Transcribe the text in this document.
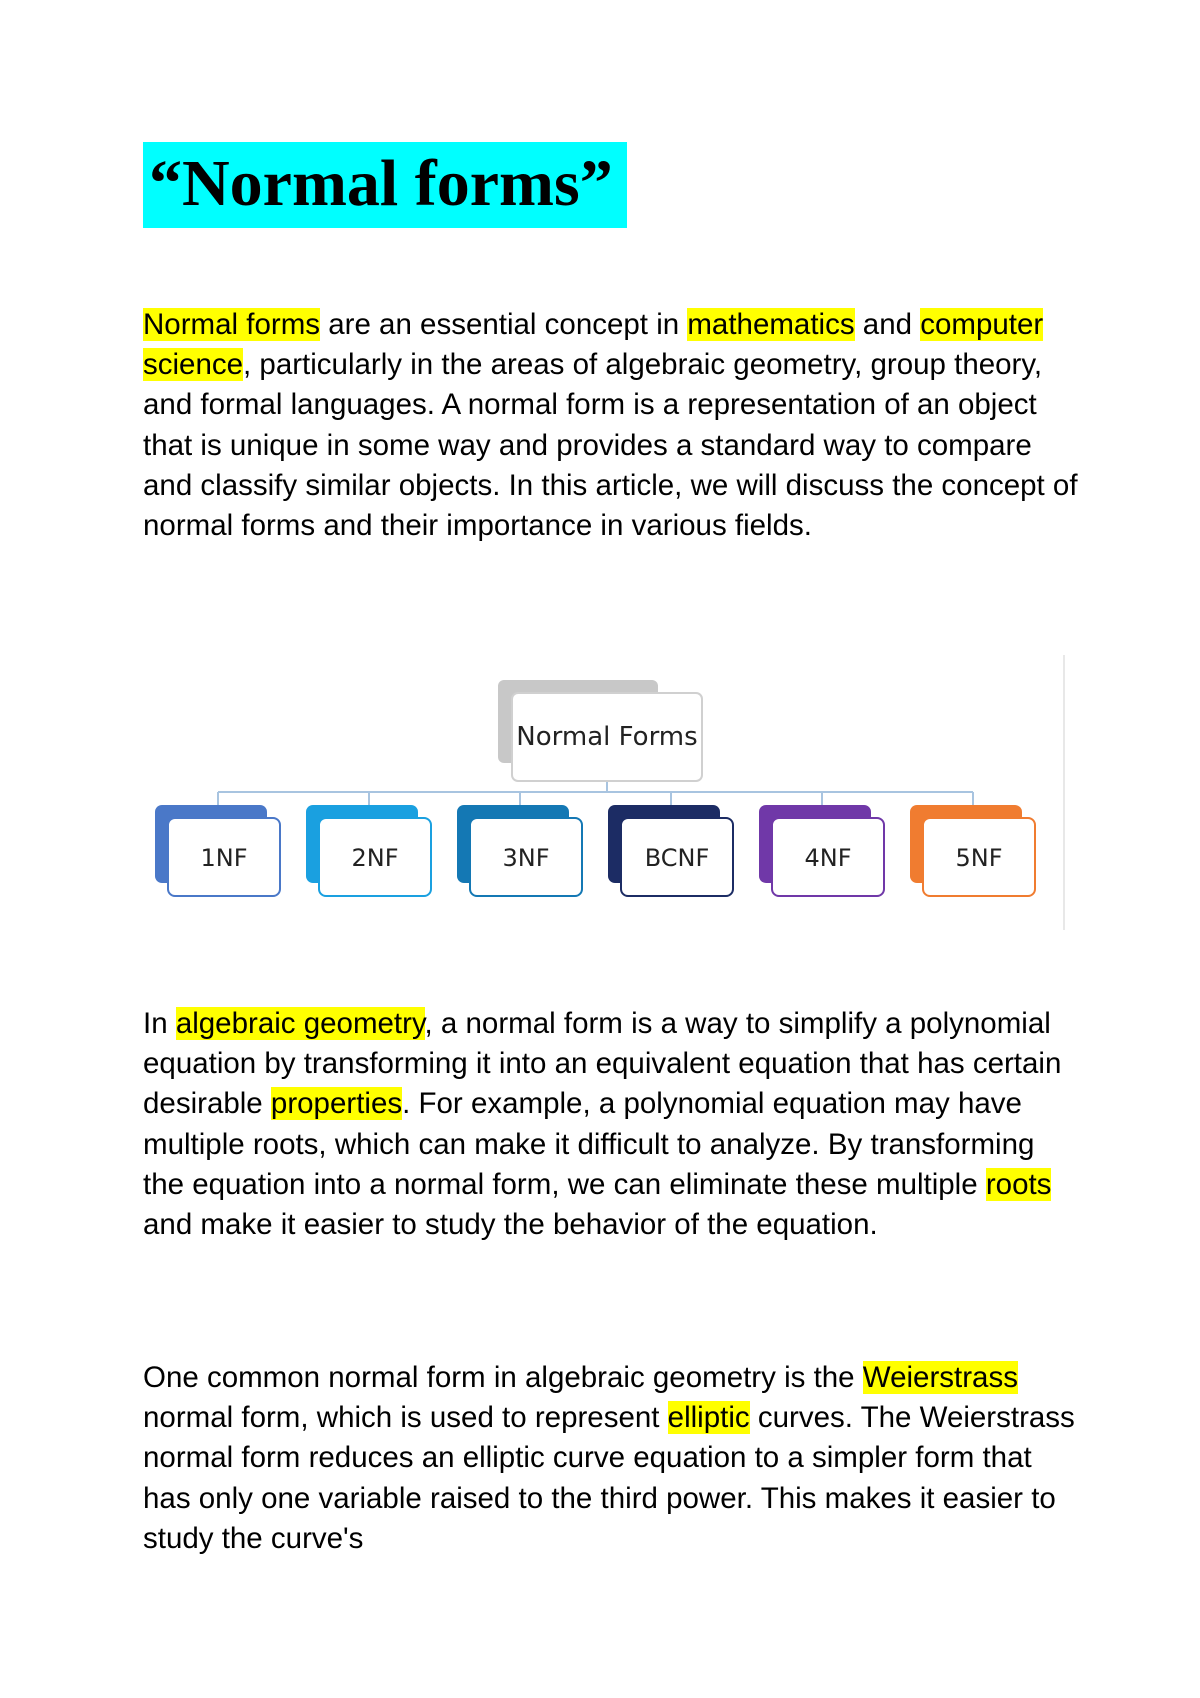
“Normal forms”

Normal forms are an essential concept in mathematics and computer science, particularly in the areas of algebraic geometry, group theory, and formal languages. A normal form is a representation of an object that is unique in some way and provides a standard way to compare and classify similar objects. In this article, we will discuss the concept of normal forms and their importance in various fields.

Normal Forms
1NF	2NF	3NF	BCNF	4NF	5NF

In algebraic geometry, a normal form is a way to simplify a polynomial equation by transforming it into an equivalent equation that has certain desirable properties. For example, a polynomial equation may have multiple roots, which can make it difficult to analyze. By transforming the equation into a normal form, we can eliminate these multiple roots and make it easier to study the behavior of the equation.

One common normal form in algebraic geometry is the Weierstrass normal form, which is used to represent elliptic curves. The Weierstrass normal form reduces an elliptic curve equation to a simpler form that has only one variable raised to the third power. This makes it easier to study the curve's
